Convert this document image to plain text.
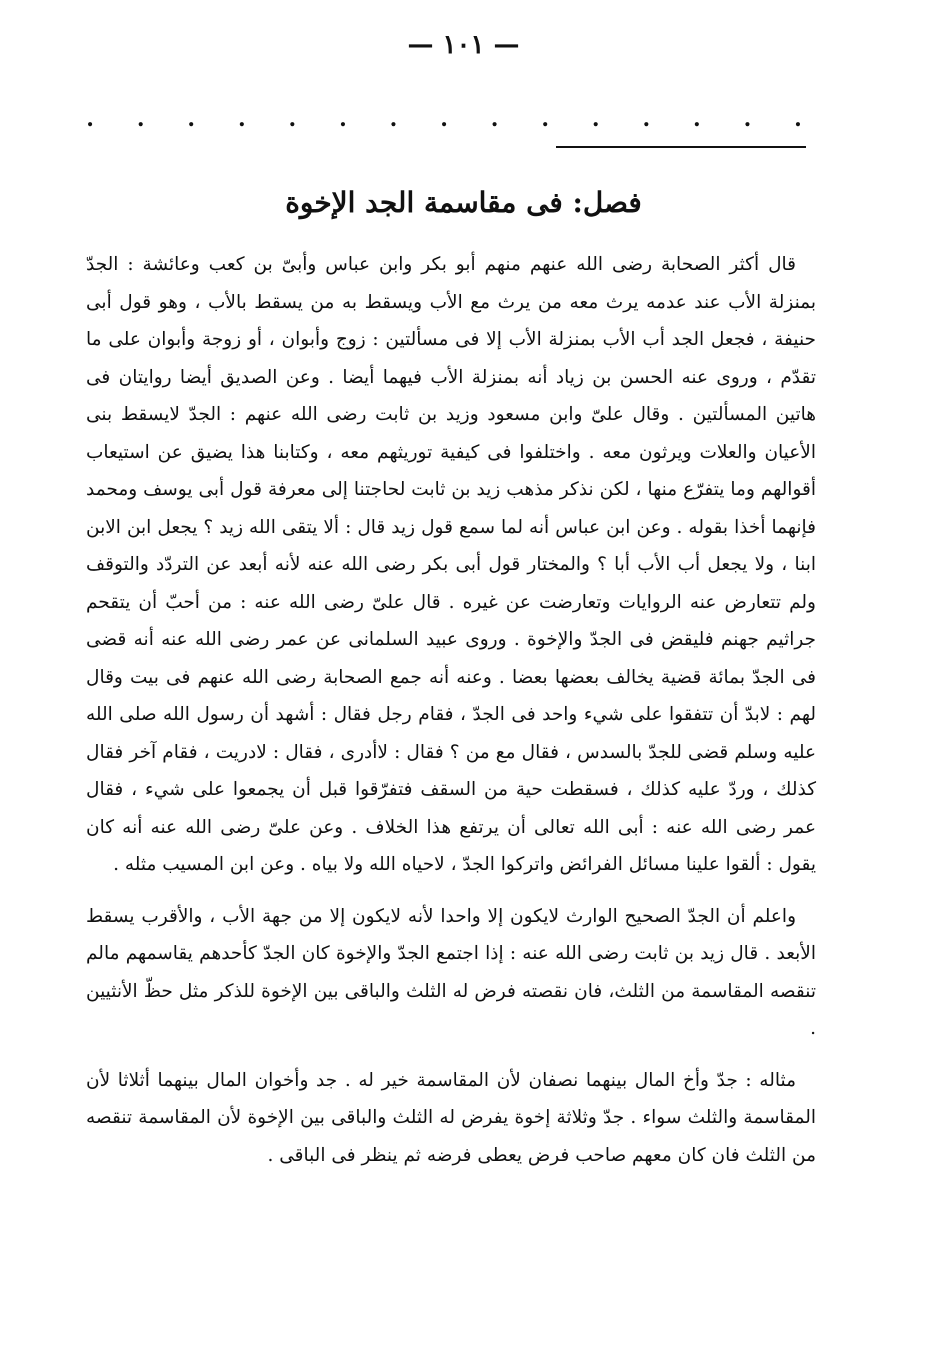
— ١٠١ —
.
.
.
.
.
.
.
.
.
.
.
.
.
.
.
فصل: فى مقاسمة الجد الإخوة

قال أكثر الصحابة رضى الله عنهم منهم أبو بكر وابن عباس وأبىّ بن كعب وعائشة : الجدّ بمنزلة الأب عند عدمه يرث معه من يرث مع الأب ويسقط به من يسقط بالأب ، وهو قول أبى حنيفة ، فجعل الجد أب الأب بمنزلة الأب إلا فى مسألتين : زوج وأبوان ، أو زوجة وأبوان على ما تقدّم ، وروى عنه الحسن بن زياد أنه بمنزلة الأب فيهما أيضا . وعن الصديق أيضا روايتان فى هاتين المسألتين . وقال علىّ وابن مسعود وزيد بن ثابت رضى الله عنهم : الجدّ لايسقط بنى الأعيان والعلات ويرثون معه . واختلفوا فى كيفية توريثهم معه ، وكتابنا هذا يضيق عن استيعاب أقوالهم وما يتفرّع منها ، لكن نذكر مذهب زيد بن ثابت لحاجتنا إلى معرفة قول أبى يوسف ومحمد فإنهما أخذا بقوله . وعن ابن عباس أنه لما سمع قول زيد قال : ألا يتقى الله زيد ؟ يجعل ابن الابن ابنا ، ولا يجعل أب الأب أبا ؟ والمختار قول أبى بكر رضى الله عنه لأنه أبعد عن التردّد والتوقف ولم تتعارض عنه الروايات وتعارضت عن غيره . قال علىّ رضى الله عنه : من أحبّ أن يتقحم جراثيم جهنم فليقض فى الجدّ والإخوة . وروى عبيد السلمانى عن عمر رضى الله عنه أنه قضى فى الجدّ بمائة قضية يخالف بعضها بعضا . وعنه أنه جمع الصحابة رضى الله عنهم فى بيت وقال لهم : لابدّ أن تتفقوا على شيء واحد فى الجدّ ، فقام رجل فقال : أشهد أن رسول الله صلى الله عليه وسلم قضى للجدّ بالسدس ، فقال مع من ؟ فقال : لاأدرى ، فقال : لادريت ، فقام آخر فقال كذلك ، وردّ عليه كذلك ، فسقطت حية من السقف فتفرّقوا قبل أن يجمعوا على شيء ، فقال عمر رضى الله عنه : أبى الله تعالى أن يرتفع هذا الخلاف . وعن علىّ رضى الله عنه أنه كان يقول : ألقوا علينا مسائل الفرائض واتركوا الجدّ ، لاحياه الله ولا بياه . وعن ابن المسيب مثله .

واعلم أن الجدّ الصحيح الوارث لايكون إلا واحدا لأنه لايكون إلا من جهة الأب ، والأقرب يسقط الأبعد . قال زيد بن ثابت رضى الله عنه : إذا اجتمع الجدّ والإخوة كان الجدّ كأحدهم يقاسمهم مالم تنقصه المقاسمة من الثلث، فان نقصته فرض له الثلث والباقى بين الإخوة للذكر مثل حظّ الأنثيين .

مثاله : جدّ وأخ المال بينهما نصفان لأن المقاسمة خير له . جد وأخوان المال بينهما أثلاثا لأن المقاسمة والثلث سواء . جدّ وثلاثة إخوة يفرض له الثلث والباقى بين الإخوة لأن المقاسمة تنقصه من الثلث فان كان معهم صاحب فرض يعطى فرضه ثم ينظر فى الباقى .
